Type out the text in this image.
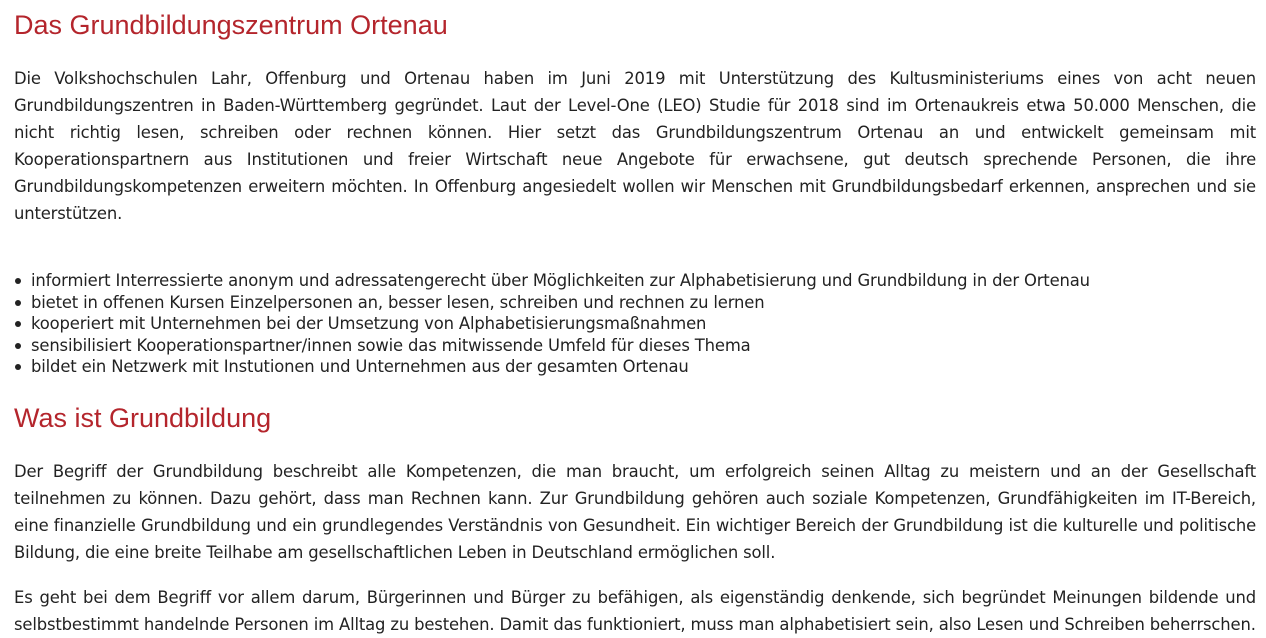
Das Grundbildungszentrum Ortenau

Die Volkshochschulen Lahr, Offenburg und Ortenau haben im Juni 2019 mit Unterstützung des Kultusministeriums eines von acht neuen Grundbildungszentren in Baden-Württemberg gegründet. Laut der Level-One (LEO) Studie für 2018 sind im Ortenaukreis etwa 50.000 Menschen, die nicht richtig lesen, schreiben oder rechnen können. Hier setzt das Grundbildungszentrum Ortenau an und entwickelt gemeinsam mit Kooperationspartnern aus Institutionen und freier Wirtschaft neue Angebote für erwachsene, gut deutsch sprechende Personen, die ihre Grundbildungskompetenzen erweitern möchten. In Offenburg angesiedelt wollen wir Menschen mit Grundbildungsbedarf erkennen, ansprechen und sie unterstützen.

informiert Interressierte anonym und adressatengerecht über Möglichkeiten zur Alphabetisierung und Grundbildung in der Ortenau
bietet in offenen Kursen Einzelpersonen an, besser lesen, schreiben und rechnen zu lernen
kooperiert mit Unternehmen bei der Umsetzung von Alphabetisierungsmaßnahmen
sensibilisiert Kooperationspartner/innen sowie das mitwissende Umfeld für dieses Thema
bildet ein Netzwerk mit Instutionen und Unternehmen aus der gesamten Ortenau
Was ist Grundbildung

Der Begriff der Grundbildung beschreibt alle Kompetenzen, die man braucht, um erfolgreich seinen Alltag zu meistern und an der Gesellschaft teilnehmen zu können. Dazu gehört, dass man Rechnen kann. Zur Grundbildung gehören auch soziale Kompetenzen, Grundfähigkeiten im IT-Bereich, eine finanzielle Grundbildung und ein grundlegendes Verständnis von Gesundheit. Ein wichtiger Bereich der Grundbildung ist die kulturelle und politische Bildung, die eine breite Teilhabe am gesellschaftlichen Leben in Deutschland ermöglichen soll.

Es geht bei dem Begriff vor allem darum, Bürgerinnen und Bürger zu befähigen, als eigenständig denkende, sich begründet Meinungen bildende und selbstbestimmt handelnde Personen im Alltag zu bestehen. Damit das funktioniert, muss man alphabetisiert sein, also Lesen und Schreiben beherrschen.
